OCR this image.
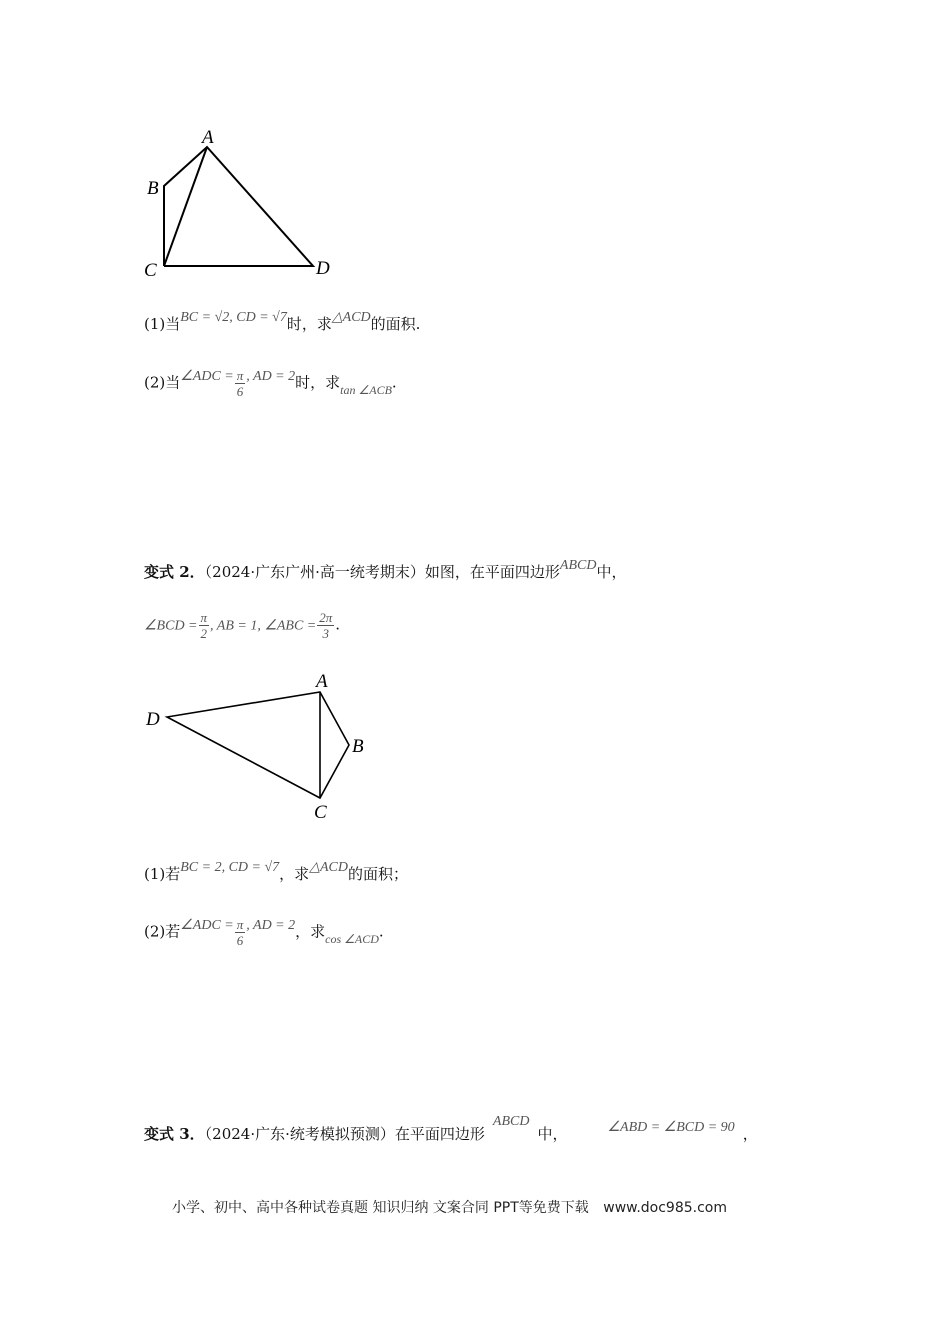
A
B
C	D
(1)当BC = √2, CD = √7时，求△ACD的面积.
(2)当∠ADC = $\frac{\pi}{6}$ , AD = 2时，求$_{tan \angle ACB}$.
变式 2．（2024·广东广州·高一统考期末）如图，在平面四边形ABCD中，
∠BCD = $\frac{\pi}{2}$ , AB = 1, ∠ABC = $\frac{2\pi}{3}$ .
A
B
C
D
(1)若BC = 2, CD = √7，求△ACD的面积；
(2)若∠ADC = $\frac{\pi}{6}$ , AD = 2，求$_{cos \angle ACD}$.
变式 3．（2024·广东·统考模拟预测）在平面四边形ABCD中，	∠ABD = ∠BCD = 90 ，
小学、初中、高中各种试卷真题 知识归纳 文案合同 PPT等免费下载 www.doc985.com
